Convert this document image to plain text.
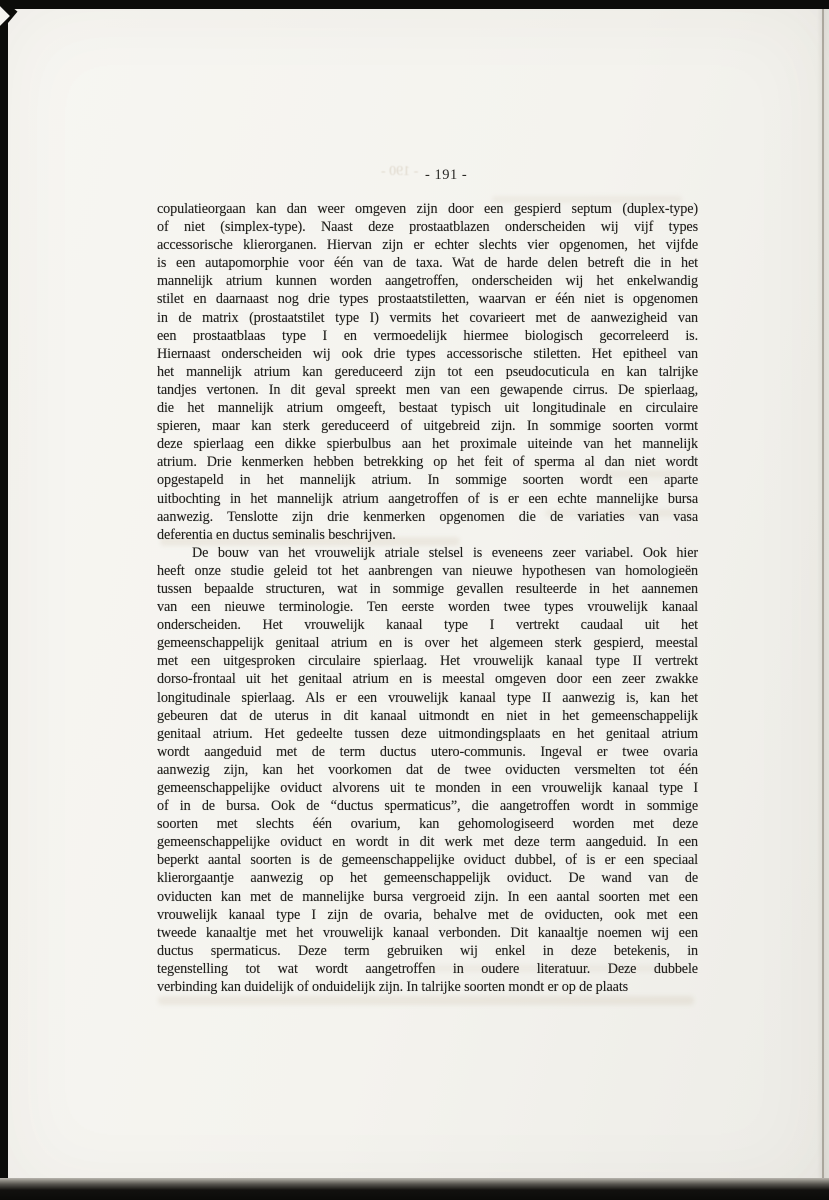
- 190 - - 191 -
copulatieorgaan kan dan weer omgeven zijn door een gespierd septum (duplex-type)
of niet (simplex-type). Naast deze prostaatblazen onderscheiden wij vijf types
accessorische klierorganen. Hiervan zijn er echter slechts vier opgenomen, het vijfde
is een autapomorphie voor één van de taxa. Wat de harde delen betreft die in het
mannelijk atrium kunnen worden aangetroffen, onderscheiden wij het enkelwandig
stilet en daarnaast nog drie types prostaatstiletten, waarvan er één niet is opgenomen
in de matrix (prostaatstilet type I) vermits het covarieert met de aanwezigheid van
een prostaatblaas type I en vermoedelijk hiermee biologisch gecorreleerd is.
Hiernaast onderscheiden wij ook drie types accessorische stiletten. Het epitheel van
het mannelijk atrium kan gereduceerd zijn tot een pseudocuticula en kan talrijke
tandjes vertonen. In dit geval spreekt men van een gewapende cirrus. De spierlaag,
die het mannelijk atrium omgeeft, bestaat typisch uit longitudinale en circulaire
spieren, maar kan sterk gereduceerd of uitgebreid zijn. In sommige soorten vormt
deze spierlaag een dikke spierbulbus aan het proximale uiteinde van het mannelijk
atrium. Drie kenmerken hebben betrekking op het feit of sperma al dan niet wordt
opgestapeld in het mannelijk atrium. In sommige soorten wordt een aparte
uitbochting in het mannelijk atrium aangetroffen of is er een echte mannelijke bursa
aanwezig. Tenslotte zijn drie kenmerken opgenomen die de variaties van vasa
deferentia en ductus seminalis beschrijven.
De bouw van het vrouwelijk atriale stelsel is eveneens zeer variabel. Ook hier
heeft onze studie geleid tot het aanbrengen van nieuwe hypothesen van homologieën
tussen bepaalde structuren, wat in sommige gevallen resulteerde in het aannemen
van een nieuwe terminologie. Ten eerste worden twee types vrouwelijk kanaal
onderscheiden. Het vrouwelijk kanaal type I vertrekt caudaal uit het
gemeenschappelijk genitaal atrium en is over het algemeen sterk gespierd, meestal
met een uitgesproken circulaire spierlaag. Het vrouwelijk kanaal type II vertrekt
dorso-frontaal uit het genitaal atrium en is meestal omgeven door een zeer zwakke
longitudinale spierlaag. Als er een vrouwelijk kanaal type II aanwezig is, kan het
gebeuren dat de uterus in dit kanaal uitmondt en niet in het gemeenschappelijk
genitaal atrium. Het gedeelte tussen deze uitmondingsplaats en het genitaal atrium
wordt aangeduid met de term ductus utero-communis. Ingeval er twee ovaria
aanwezig zijn, kan het voorkomen dat de twee oviducten versmelten tot één
gemeenschappelijke oviduct alvorens uit te monden in een vrouwelijk kanaal type I
of in de bursa. Ook de “ductus spermaticus”, die aangetroffen wordt in sommige
soorten met slechts één ovarium, kan gehomologiseerd worden met deze
gemeenschappelijke oviduct en wordt in dit werk met deze term aangeduid. In een
beperkt aantal soorten is de gemeenschappelijke oviduct dubbel, of is er een speciaal
klierorgaantje aanwezig op het gemeenschappelijk oviduct. De wand van de
oviducten kan met de mannelijke bursa vergroeid zijn. In een aantal soorten met een
vrouwelijk kanaal type I zijn de ovaria, behalve met de oviducten, ook met een
tweede kanaaltje met het vrouwelijk kanaal verbonden. Dit kanaaltje noemen wij een
ductus spermaticus. Deze term gebruiken wij enkel in deze betekenis, in
tegenstelling tot wat wordt aangetroffen in oudere literatuur. Deze dubbele
verbinding kan duidelijk of onduidelijk zijn. In talrijke soorten mondt er op de plaats
